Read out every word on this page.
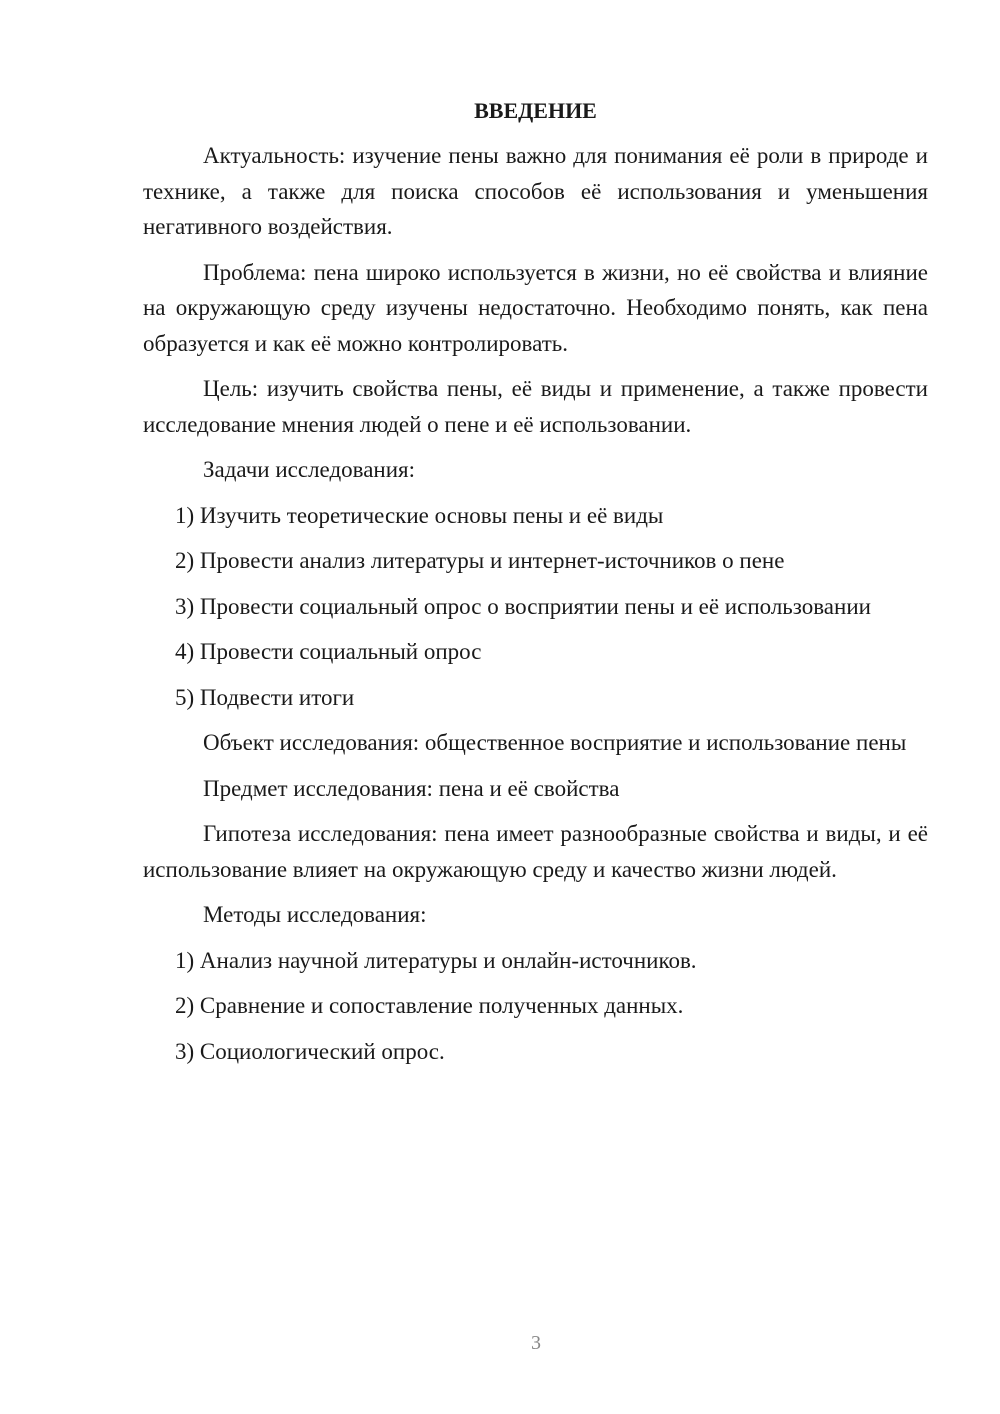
ВВЕДЕНИЕ

Актуальность: изучение пены важно для понимания её роли в природе и технике, а также для поиска способов её использования и уменьшения негативного воздействия.

Проблема: пена широко используется в жизни, но её свойства и влияние на окружающую среду изучены недостаточно. Необходимо понять, как пена образуется и как её можно контролировать.

Цель: изучить свойства пены, её виды и применение, а также провести исследование мнения людей о пене и её использовании.

Задачи исследования:

1) Изучить теоретические основы пены и её виды

2) Провести анализ литературы и интернет-источников о пене

3) Провести социальный опрос о восприятии пены и её использовании

4) Провести социальный опрос

5) Подвести итоги

Объект исследования: общественное восприятие и использование пены

Предмет исследования: пена и её свойства

Гипотеза исследования: пена имеет разнообразные свойства и виды, и её использование влияет на окружающую среду и качество жизни людей.

Методы исследования:

1) Анализ научной литературы и онлайн-источников.

2) Сравнение и сопоставление полученных данных.

3) Социологический опрос.

3
